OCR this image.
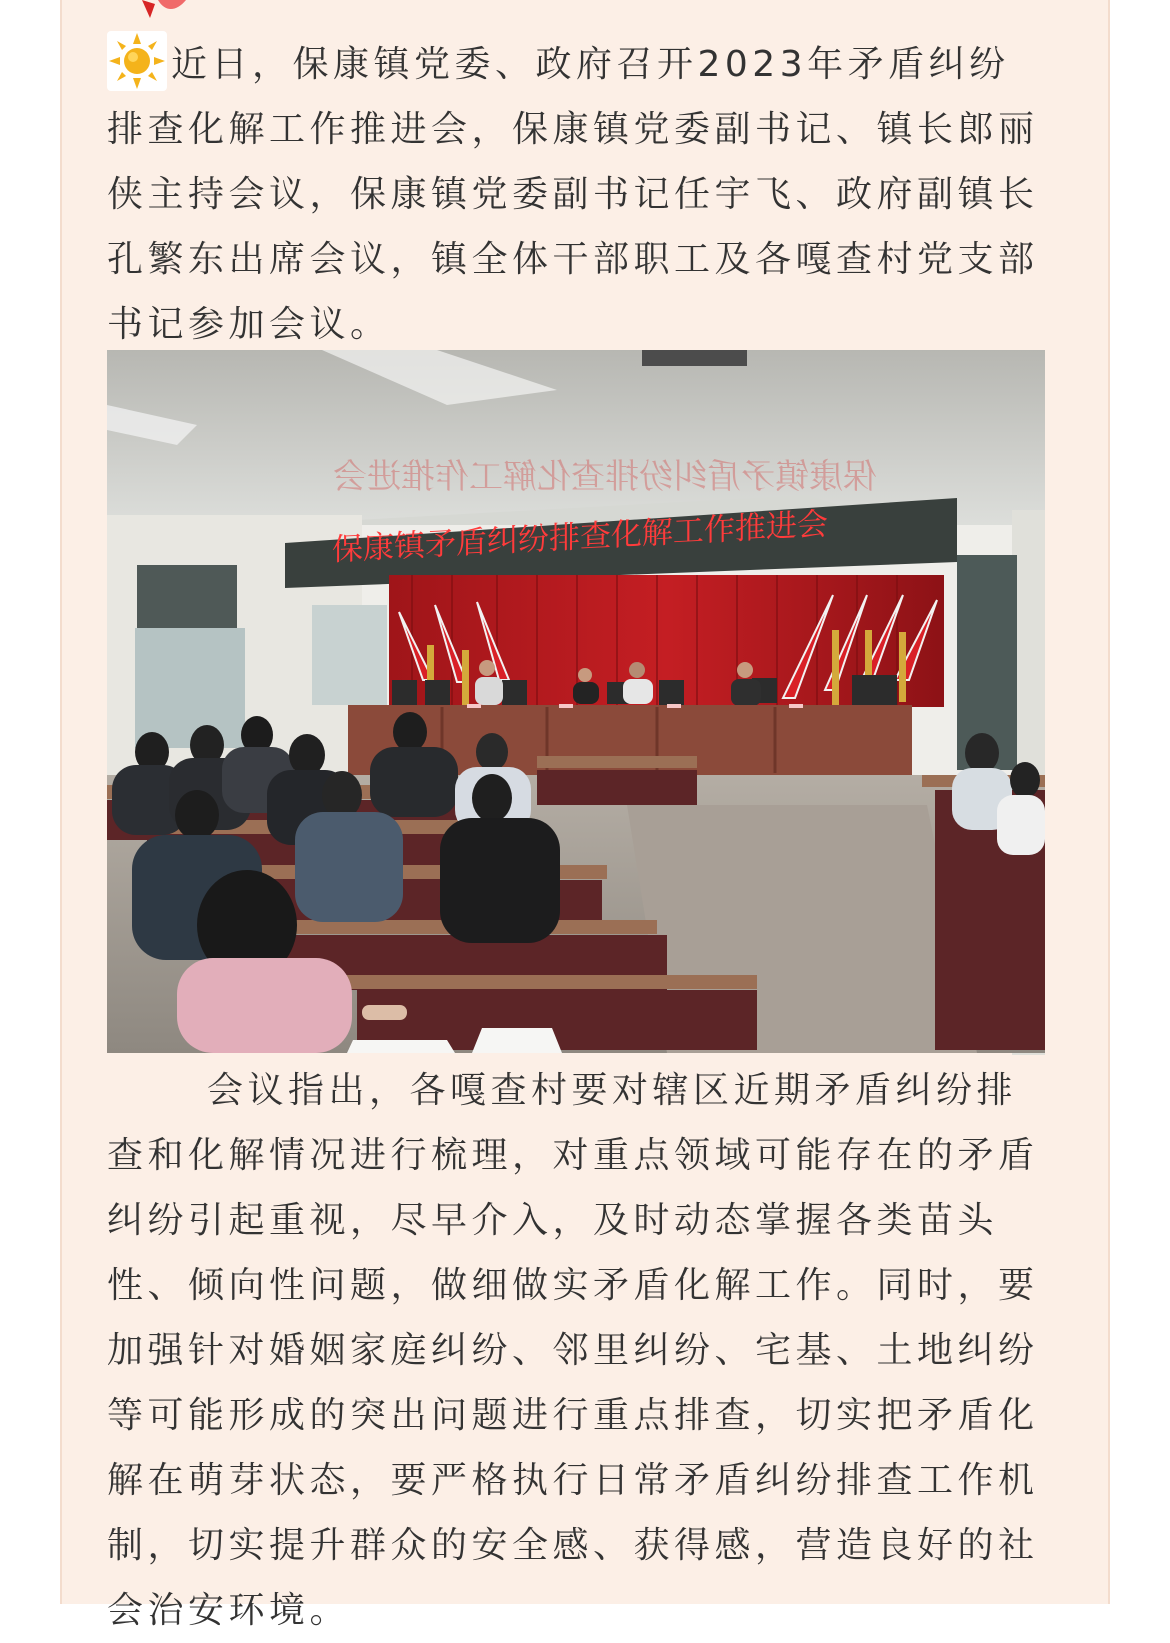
近日，保康镇党委、政府召开2023年矛盾纠纷排查化解工作推进会，保康镇党委副书记、镇长郎丽侠主持会议，保康镇党委副书记任宇飞、政府副镇长孔繁东出席会议，镇全体干部职工及各嘎查村党支部书记参加会议。
保康镇矛盾纠纷排查化解工作推进会
保康镇矛盾纠纷排查化解工作推进会
会议指出，各嘎查村要对辖区近期矛盾纠纷排查和化解情况进行梳理，对重点领域可能存在的矛盾纠纷引起重视，尽早介入，及时动态掌握各类苗头性、倾向性问题，做细做实矛盾化解工作。同时，要加强针对婚姻家庭纠纷、邻里纠纷、宅基、土地纠纷等可能形成的突出问题进行重点排查，切实把矛盾化解在萌芽状态，要严格执行日常矛盾纠纷排查工作机制，切实提升群众的安全感、获得感，营造良好的社会治安环境。
